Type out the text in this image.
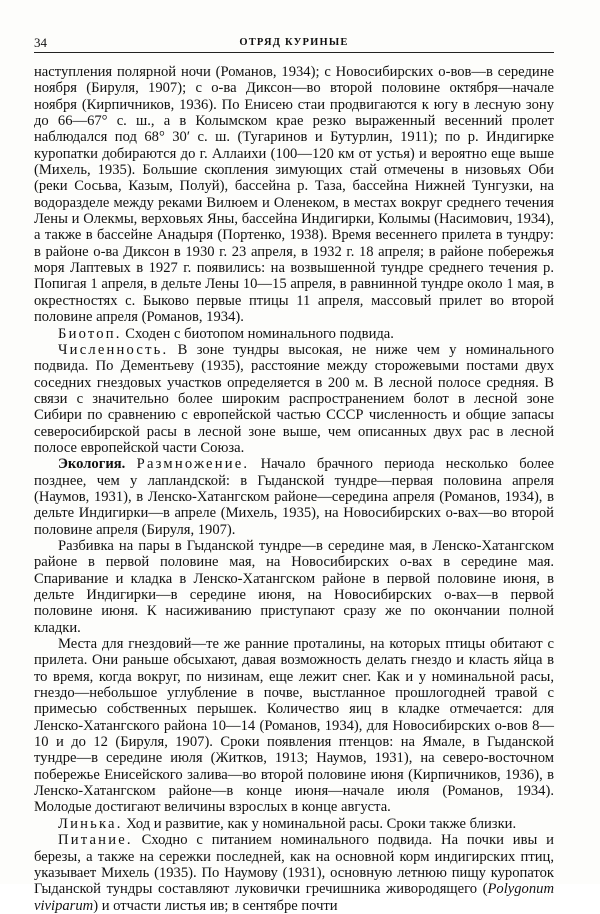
34	ОТРЯД КУРИНЫЕ

наступления полярной ночи (Романов, 1934); с Новосибирских о-вов—в середине ноября (Бируля, 1907); с о-ва Диксон—во второй половине октября—начале ноября (Кирпичников, 1936). По Енисею стаи продвигаются к югу в лесную зону до 66—67° с. ш., а в Колымском крае резко выраженный весенний пролет наблюдался под 68° 30′ с. ш. (Тугаринов и Бутурлин, 1911); по р. Индигирке куропатки добираются до г. Аллаихи (100—120 км от устья) и вероятно еще выше (Михель, 1935). Большие скопления зимующих стай отмечены в низовьях Оби (реки Сосьва, Казым, Полуй), бассейна р. Таза, бассейна Нижней Тунгузки, на водоразделе между реками Вилюем и Оленеком, в местах вокруг среднего течения Лены и Олекмы, верховьях Яны, бассейна Индигирки, Колымы (Насимович, 1934), а также в бассейне Анадыря (Портенко, 1938). Время весеннего прилета в тундру: в районе о-ва Диксон в 1930 г. 23 апреля, в 1932 г. 18 апреля; в районе побережья моря Лаптевых в 1927 г. появились: на возвышенной тундре среднего течения р. Попигая 1 апреля, в дельте Лены 10—15 апреля, в равнинной тундре около 1 мая, в окрестностях с. Быково первые птицы 11 апреля, массовый прилет во второй половине апреля (Романов, 1934).

Биотоп. Сходен с биотопом номинального подвида.

Численность. В зоне тундры высокая, не ниже чем у номинального подвида. По Дементьеву (1935), расстояние между сторожевыми постами двух соседних гнездовых участков определяется в 200 м. В лесной полосе средняя. В связи с значительно более широким распространением болот в лесной зоне Сибири по сравнению с европейской частью СССР численность и общие запасы североcибирской расы в лесной зоне выше, чем описанных двух рас в лесной полосе европейской части Союза.

Экология. Размножение. Начало брачного периода несколько более позднее, чем у лапландской: в Гыданской тундре—первая половина апреля (Наумов, 1931), в Ленско-Хатангском районе—середина апреля (Романов, 1934), в дельте Индигирки—в апреле (Михель, 1935), на Новосибирских о-вах—во второй половине апреля (Бируля, 1907).

Разбивка на пары в Гыданской тундре—в середине мая, в Ленско-Хатангском районе в первой половине мая, на Новосибирских о-вах в середине мая. Спаривание и кладка в Ленско-Хатангском районе в первой половине июня, в дельте Индигирки—в середине июня, на Новосибирских о-вах—в первой половине июня. К насиживанию приступают сразу же по окончании полной кладки.

Места для гнездовий—те же ранние проталины, на которых птицы обитают с прилета. Они раньше обсыхают, давая возможность делать гнездо и класть яйца в то время, когда вокруг, по низинам, еще лежит снег. Как и у номинальной расы, гнездо—небольшое углубление в почве, выстланное прошлогодней травой с примесью собственных перышек. Количество яиц в кладке отмечается: для Ленско-Хатангского района 10—14 (Романов, 1934), для Новосибирских о-вов 8—10 и до 12 (Бируля, 1907). Сроки появления птенцов: на Ямале, в Гыданской тундре—в середине июля (Житков, 1913; Наумов, 1931), на северо-восточном побережье Енисейского залива—во второй половине июня (Кирпичников, 1936), в Ленско-Хатангском районе—в конце июня—начале июля (Романов, 1934). Молодые достигают величины взрослых в конце августа.

Линька. Ход и развитие, как у номинальной расы. Сроки также близки.

Питание. Сходно с питанием номинального подвида. На почки ивы и березы, а также на сережки последней, как на основной корм индигирских птиц, указывает Михель (1935). По Наумову (1931), основную летнюю пищу куропаток Гыданской тундры составляют луковички гречишника живородящего (Polygonum viviparum) и отчасти листья ив; в сентябре почти
